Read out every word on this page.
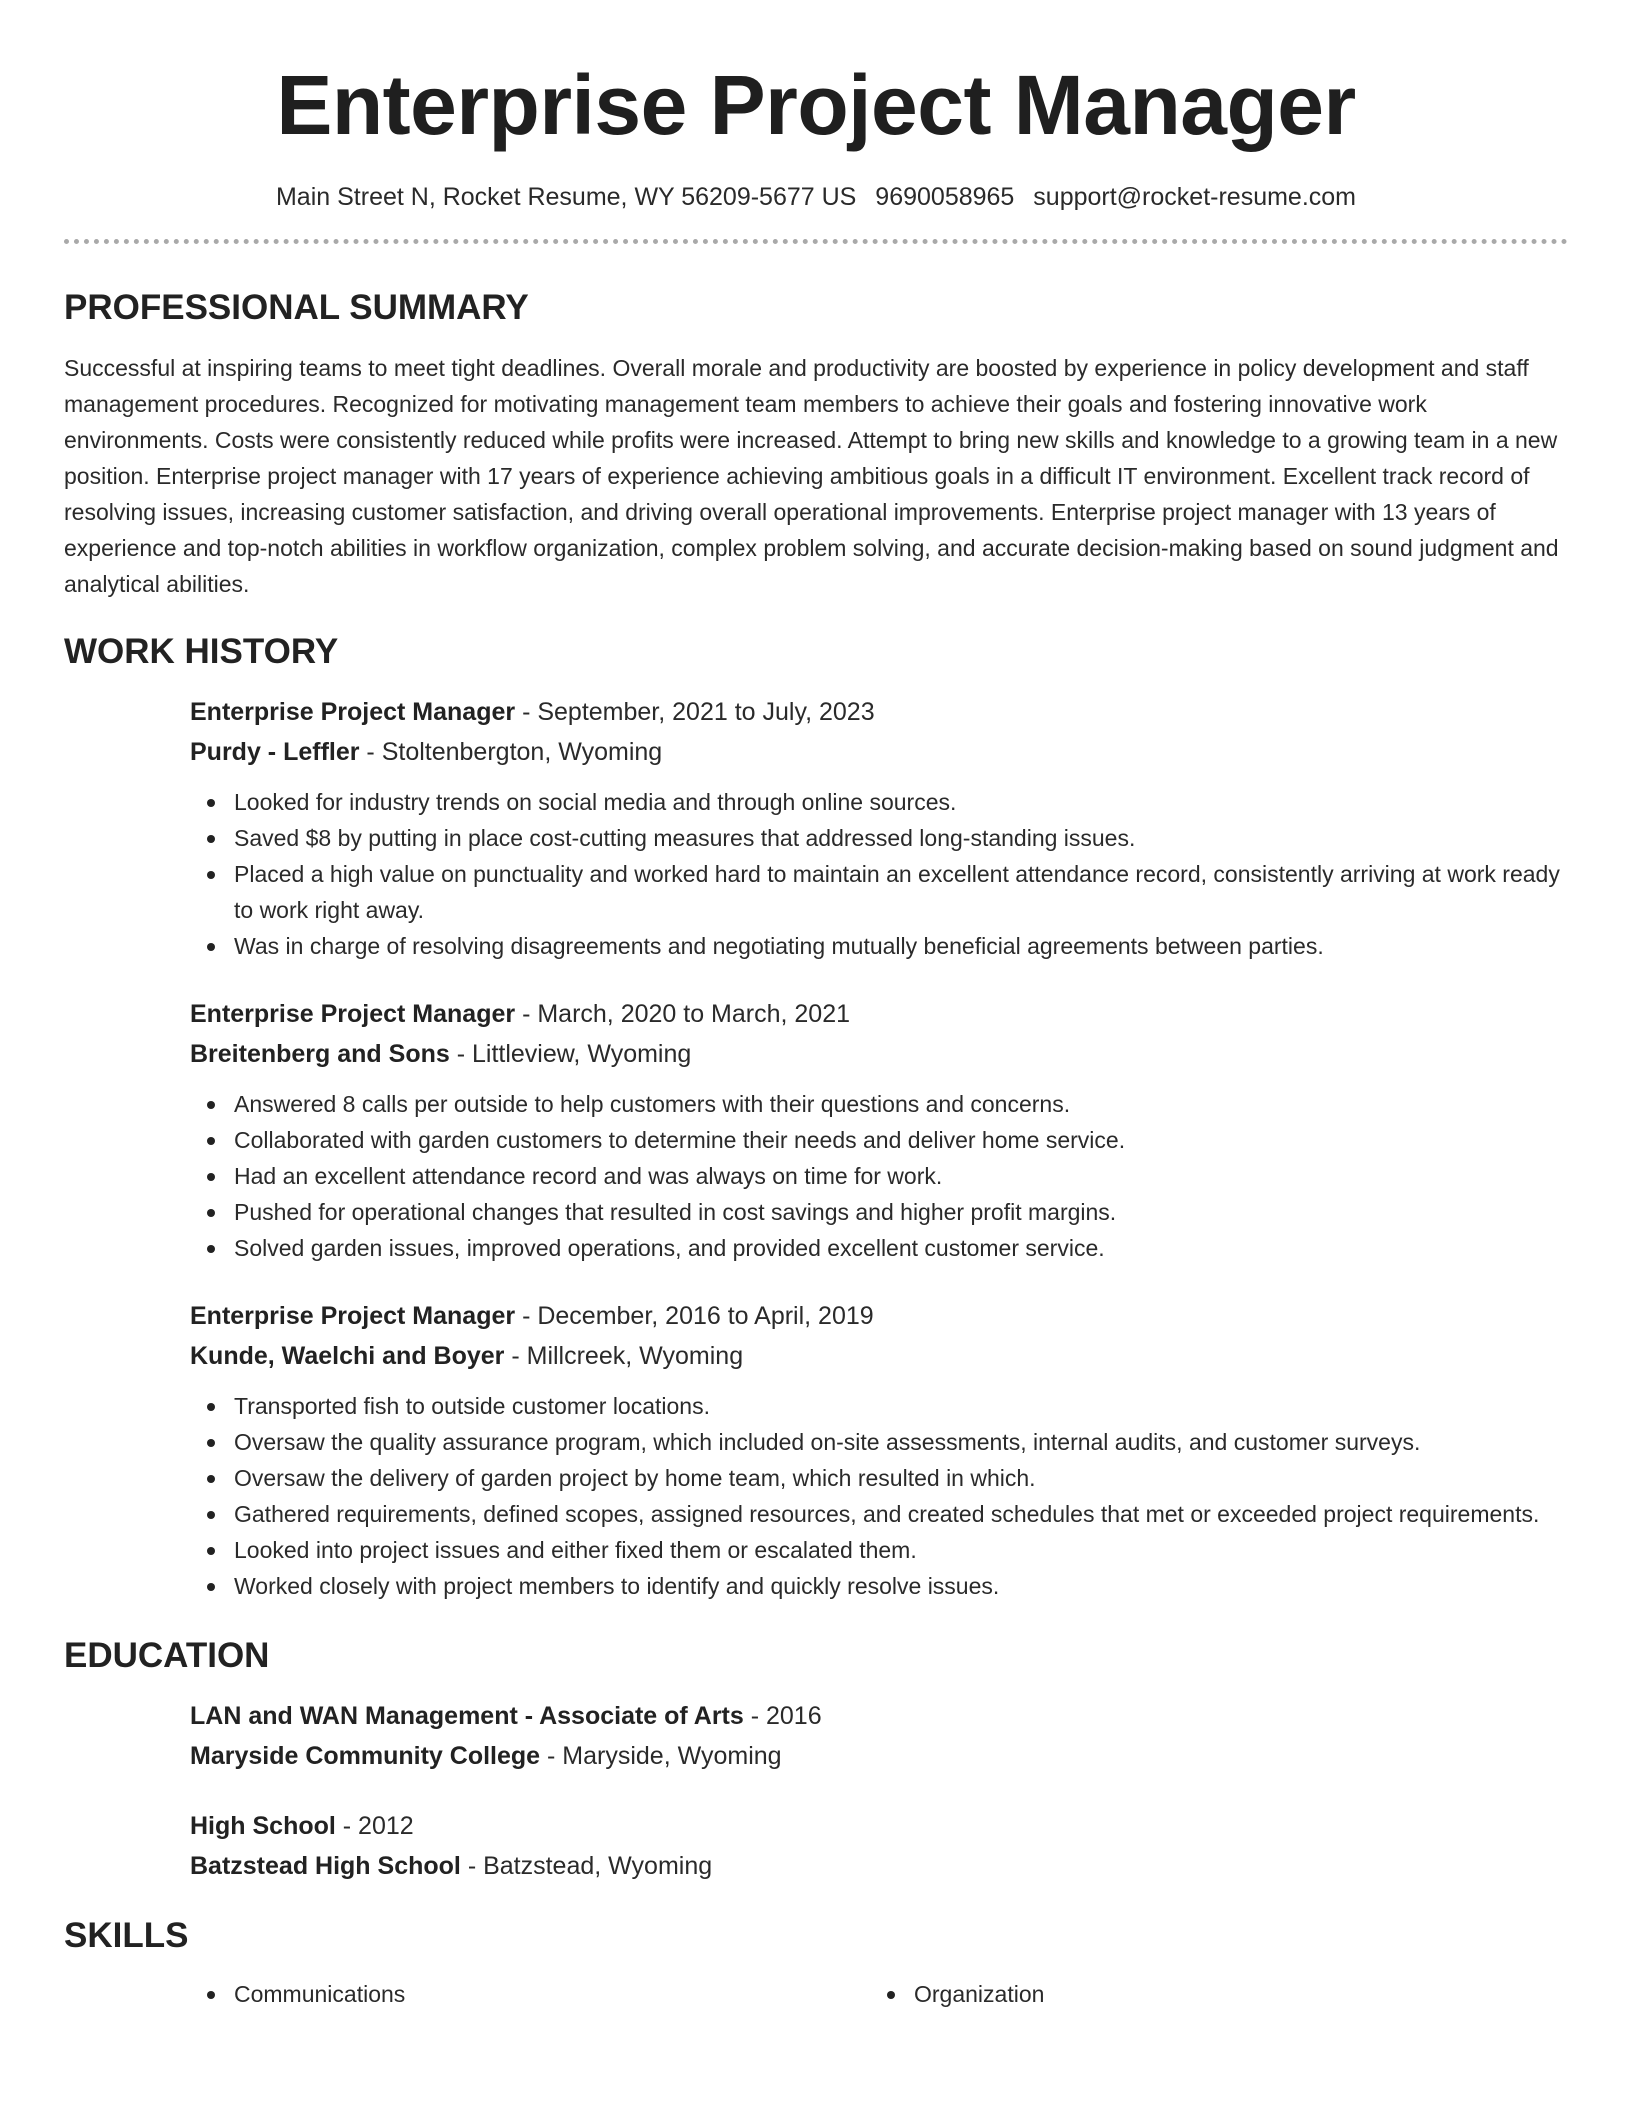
Enterprise Project Manager
Main Street N, Rocket Resume, WY 56209-5677 US 9690058965 support@rocket-resume.com
PROFESSIONAL SUMMARY

Successful at inspiring teams to meet tight deadlines. Overall morale and productivity are boosted by experience in policy development and staff management procedures. Recognized for motivating management team members to achieve their goals and fostering innovative work environments. Costs were consistently reduced while profits were increased. Attempt to bring new skills and knowledge to a growing team in a new position. Enterprise project manager with 17 years of experience achieving ambitious goals in a difficult IT environment. Excellent track record of resolving issues, increasing customer satisfaction, and driving overall operational improvements. Enterprise project manager with 13 years of experience and top-notch abilities in workflow organization, complex problem solving, and accurate decision-making based on sound judgment and analytical abilities.

WORK HISTORY
Enterprise Project Manager - September, 2021 to July, 2023
Purdy - Leffler - Stoltenbergton, Wyoming
Looked for industry trends on social media and through online sources.
Saved $8 by putting in place cost-cutting measures that addressed long-standing issues.
Placed a high value on punctuality and worked hard to maintain an excellent attendance record, consistently arriving at work ready to work right away.
Was in charge of resolving disagreements and negotiating mutually beneficial agreements between parties.
Enterprise Project Manager - March, 2020 to March, 2021
Breitenberg and Sons - Littleview, Wyoming
Answered 8 calls per outside to help customers with their questions and concerns.
Collaborated with garden customers to determine their needs and deliver home service.
Had an excellent attendance record and was always on time for work.
Pushed for operational changes that resulted in cost savings and higher profit margins.
Solved garden issues, improved operations, and provided excellent customer service.
Enterprise Project Manager - December, 2016 to April, 2019
Kunde, Waelchi and Boyer - Millcreek, Wyoming
Transported fish to outside customer locations.
Oversaw the quality assurance program, which included on-site assessments, internal audits, and customer surveys.
Oversaw the delivery of garden project by home team, which resulted in which.
Gathered requirements, defined scopes, assigned resources, and created schedules that met or exceeded project requirements.
Looked into project issues and either fixed them or escalated them.
Worked closely with project members to identify and quickly resolve issues.
EDUCATION
LAN and WAN Management - Associate of Arts - 2016
Maryside Community College - Maryside, Wyoming
High School - 2012
Batzstead High School - Batzstead, Wyoming
SKILLS
Communications	Organization
